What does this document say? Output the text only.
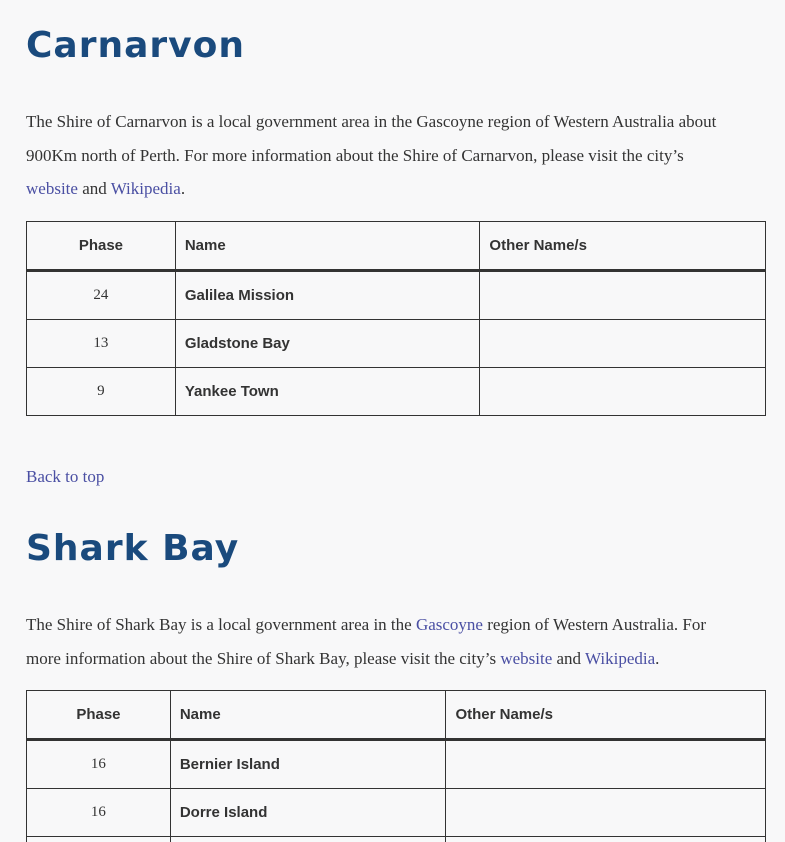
Carnarvon

The Shire of Carnarvon is a local government area in the Gascoyne region of Western Australia about
900Km north of Perth. For more information about the Shire of Carnarvon, please visit the city’s
website and Wikipedia.

Phase	Name	Other Name/s
24	Galilea Mission	
13	Gladstone Bay	
9	Yankee Town	
Back to top
Shark Bay

The Shire of Shark Bay is a local government area in the Gascoyne region of Western Australia. For
more information about the Shire of Shark Bay, please visit the city’s website and Wikipedia.

Phase	Name	Other Name/s
16	Bernier Island	
16	Dorre Island	
